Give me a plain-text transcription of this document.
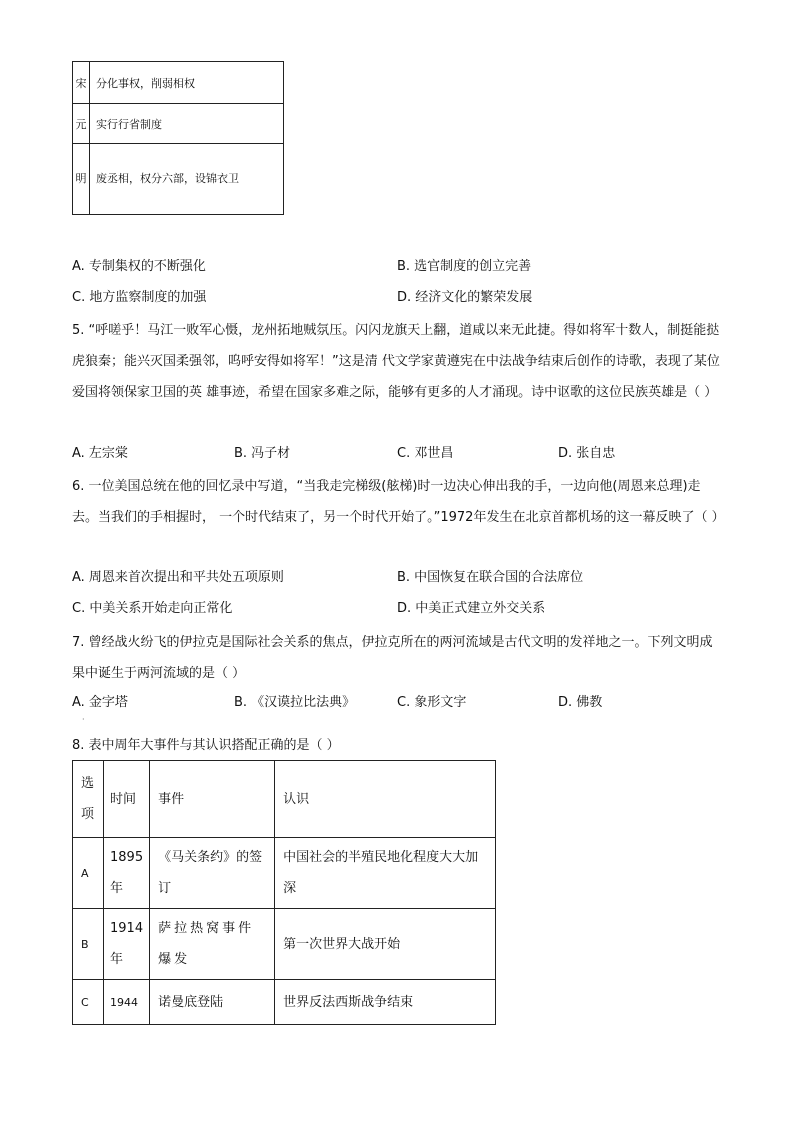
宋	分化事权，削弱相权
元	实行行省制度
明	废丞相，权分六部，设锦衣卫
A. 专制集权的不断强化	B. 选官制度的创立完善
C. 地方监察制度的加强	D. 经济文化的繁荣发展
5. “呼嗟乎！马江一败军心慑，龙州拓地贼氛压。闪闪龙旗天上翻，道咸以来无此捷。得如将军十数人，制挺能挞虎狼秦；能兴灭国柔强邻，呜呼安得如将军！”这是清 代文学家黄遵宪在中法战争结束后创作的诗歌，表现了某位爱国将领保家卫国的英 雄事迹，希望在国家多难之际，能够有更多的人才涌现。诗中讴歌的这位民族英雄是（ ）
A. 左宗棠	B. 冯子材	C. 邓世昌	D. 张自忠
6. 一位美国总统在他的回忆录中写道，“当我走完梯级(舷梯)时一边决心伸出我的手，一边向他(周恩来总理)走去。当我们的手相握时， 一个时代结束了，另一个时代开始了。”1972年发生在北京首都机场的这一幕反映了（ ）
A. 周恩来首次提出和平共处五项原则	B. 中国恢复在联合国的合法席位
C. 中美关系开始走向正常化	D. 中美正式建立外交关系
7. 曾经战火纷飞的伊拉克是国际社会关系的焦点，伊拉克所在的两河流域是古代文明的发祥地之一。下列文明成果中诞生于两河流域的是（ ）
A. 金字塔	B. 《汉谟拉比法典》	C. 象形文字	D. 佛教
·
8. 表中周年大事件与其认识搭配正确的是（ ）
选项	时间	事件	认识
A	1895年	《马关条约》的签订	中国社会的半殖民地化程度大大加深
B	1914年	萨拉热窝事件爆发	第一次世界大战开始
C	1944	诺曼底登陆	世界反法西斯战争结束
